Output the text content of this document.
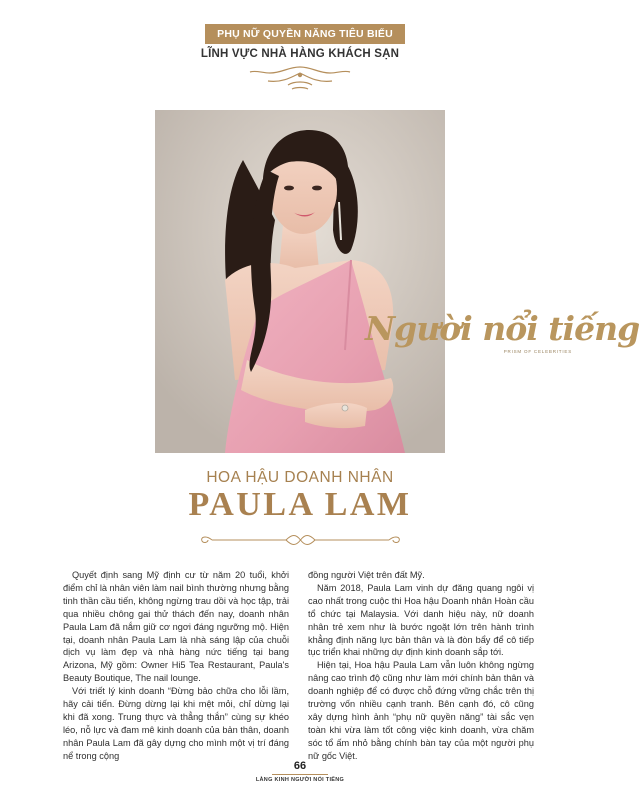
PHỤ NỮ QUYỀN NĂNG TIÊU BIỂU
LĨNH VỰC NHÀ HÀNG KHÁCH SẠN
Người nổi tiếng
PRISM OF CELEBRITIES
HOA HẬU DOANH NHÂN
PAULA LAM

Quyết định sang Mỹ định cư từ năm 20 tuổi, khởi điểm chỉ là nhân viên làm nail bình thường nhưng bằng tinh thần cầu tiến, không ngừng trau dồi và học tập, trải qua nhiều chông gai thử thách đến nay, doanh nhân Paula Lam đã nắm giữ cơ ngơi đáng ngưỡng mộ. Hiện tại, doanh nhân Paula Lam là nhà sáng lập của chuỗi dịch vụ làm đẹp và nhà hàng nức tiếng tại bang Arizona, Mỹ gồm: Owner Hi5 Tea Restaurant, Paula's Beauty Boutique, The nail lounge.

Với triết lý kinh doanh “Đừng bảo chữa cho lỗi lầm, hãy cải tiến. Đừng dừng lại khi mệt mỏi, chỉ dừng lại khi đã xong. Trung thực và thẳng thắn” cùng sự khéo léo, nỗ lực và đam mê kinh doanh của bản thân, doanh nhân Paula Lam đã gây dựng cho mình một vị trí đáng nể trong cộng

đồng người Việt trên đất Mỹ.

Năm 2018, Paula Lam vinh dự đăng quang ngôi vị cao nhất trong cuộc thi Hoa hậu Doanh nhân Hoàn cầu tổ chức tại Malaysia. Với danh hiệu này, nữ doanh nhân trẻ xem như là bước ngoặt lớn trên hành trình khẳng định năng lực bản thân và là đòn bẩy để cô tiếp tục triển khai những dự định kinh doanh sắp tới.

Hiện tại, Hoa hậu Paula Lam vẫn luôn không ngừng nâng cao trình độ cũng như làm mới chính bản thân và doanh nghiệp để có được chỗ đứng vững chắc trên thị trường vốn nhiều cạnh tranh. Bên cạnh đó, cô cũng xây dựng hình ảnh “phụ nữ quyền năng” tài sắc vẹn toàn khi vừa làm tốt công việc kinh doanh, vừa chăm sóc tổ ấm nhỏ bằng chính bàn tay của một người phụ nữ gốc Việt.

66
LÀNG KINH NGƯỜI NỔI TIẾNG
